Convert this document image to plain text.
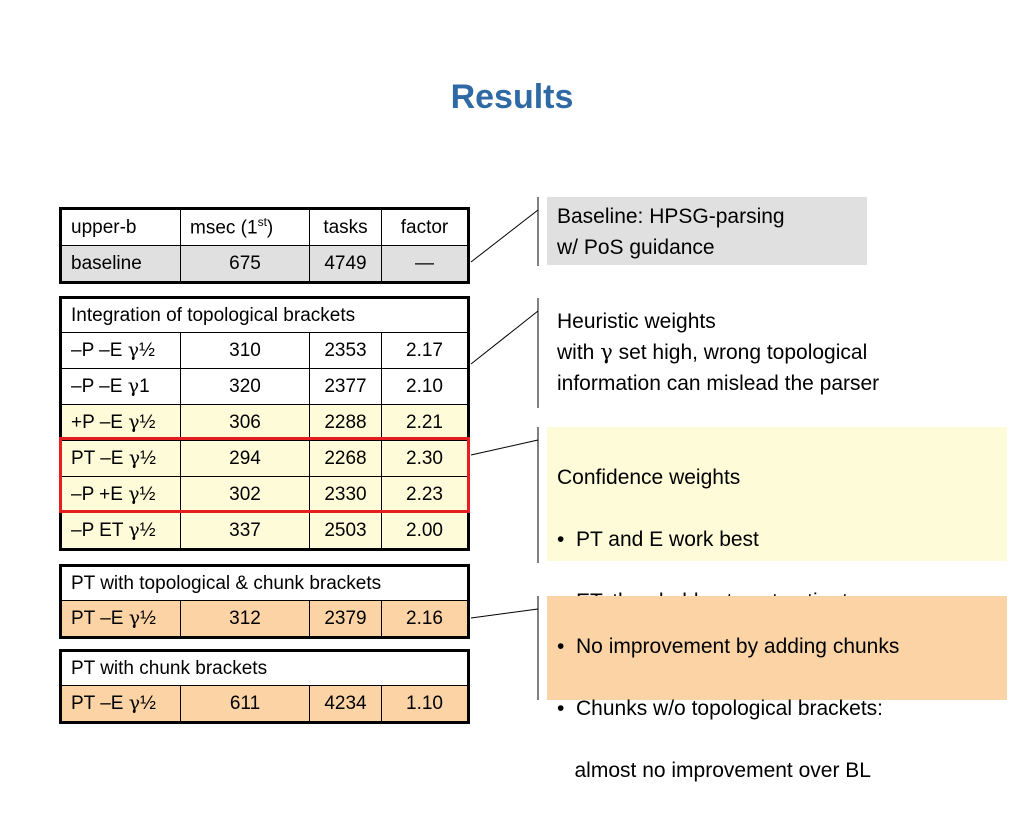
Results
upper-b	msec (1st)	tasks	factor
baseline	675	4749	—
Integration of topological brackets			
–P –E γ½	310	2353	2.17
–P –E γ1	320	2377	2.10
+P –E γ½	306	2288	2.21
PT –E γ½	294	2268	2.30
–P +E γ½	302	2330	2.23
–P ET γ½	337	2503	2.00
PT with topological & chunk brackets
PT –E γ½	312	2379	2.16
PT with chunk brackets
PT –E γ½	611	4234	1.10
Baseline: HPSG-parsing
w/ PoS guidance
Heuristic weights
with γ set high, wrong topological
information can mislead the parser

Confidence weights

•  PT and E work best

•  No improvement by adding chunks

•  Chunks w/o topological brackets:

almost no improvement over BL
